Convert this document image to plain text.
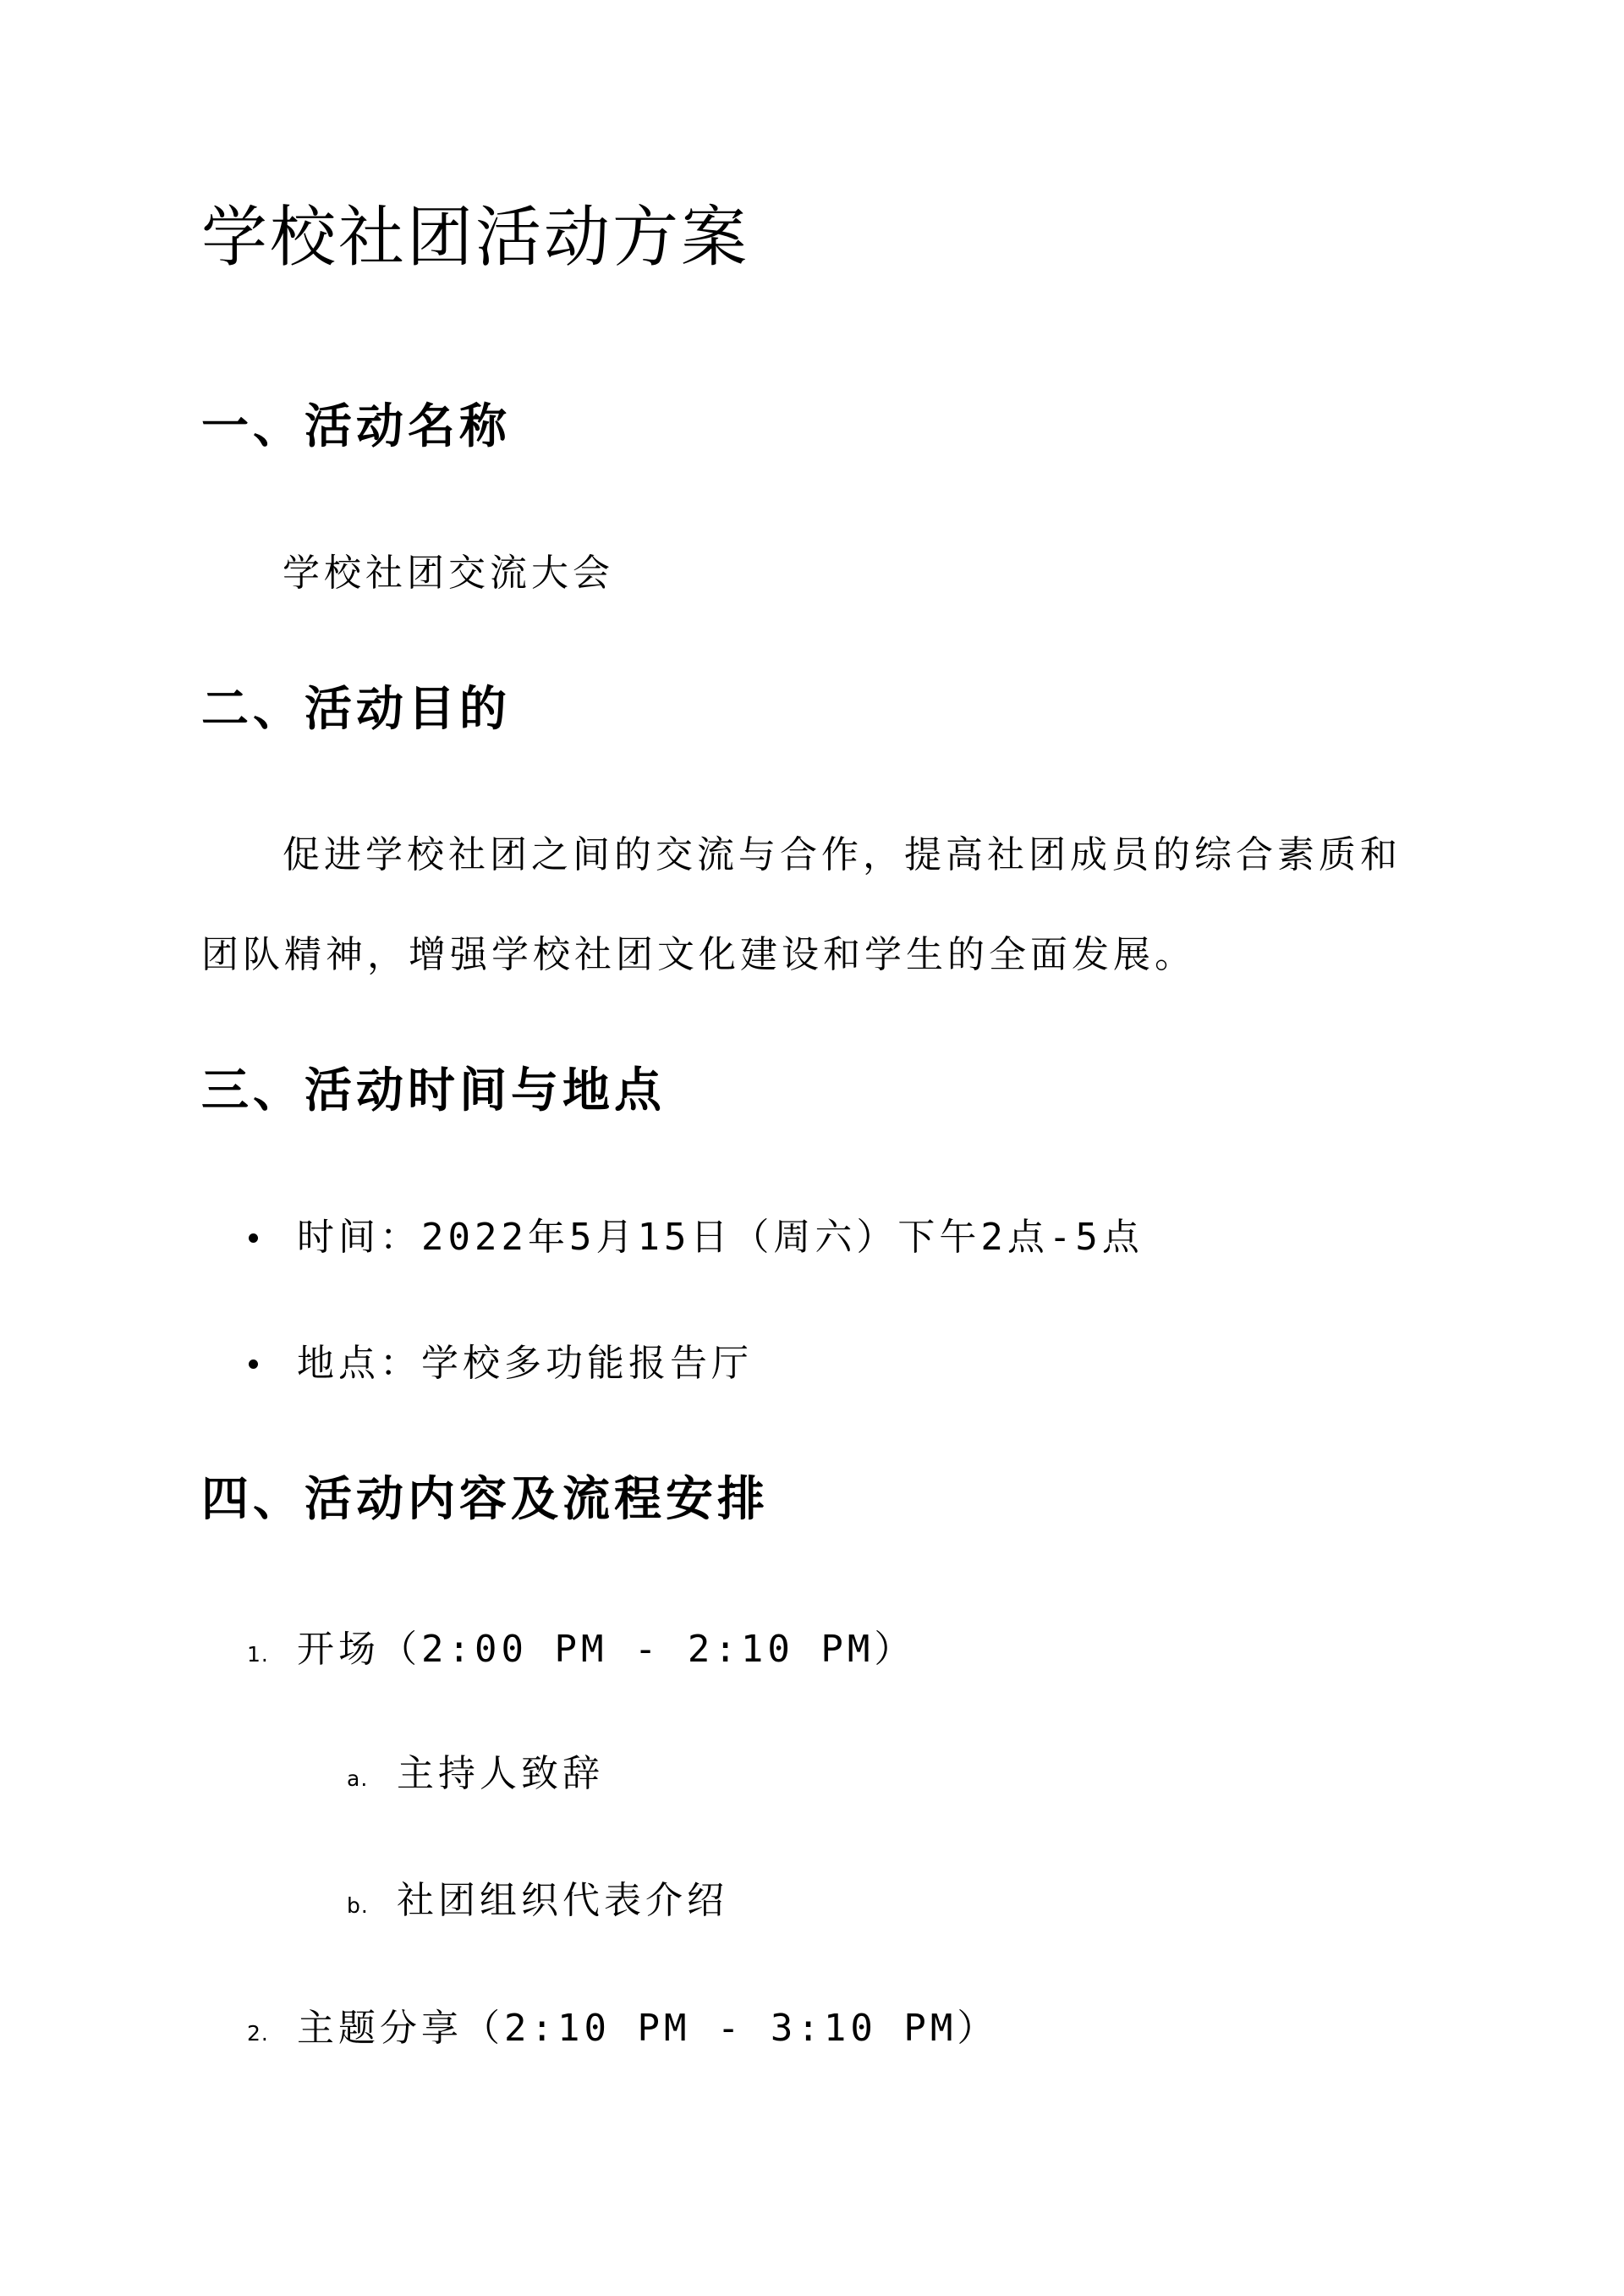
学校社团活动方案
一、活动名称
学校社团交流大会
二、活动目的
促进学校社团之间的交流与合作，提高社团成员的综合素质和团队精神，增强学校社团文化建设和学生的全面发展。
三、活动时间与地点
时间：2022年5月15日（周六）下午2点-5点
地点：学校多功能报告厅
四、活动内容及流程安排
1. 开场（2:00 PM - 2:10 PM）
a. 主持人致辞
b. 社团组织代表介绍
2. 主题分享（2:10 PM - 3:10 PM）
